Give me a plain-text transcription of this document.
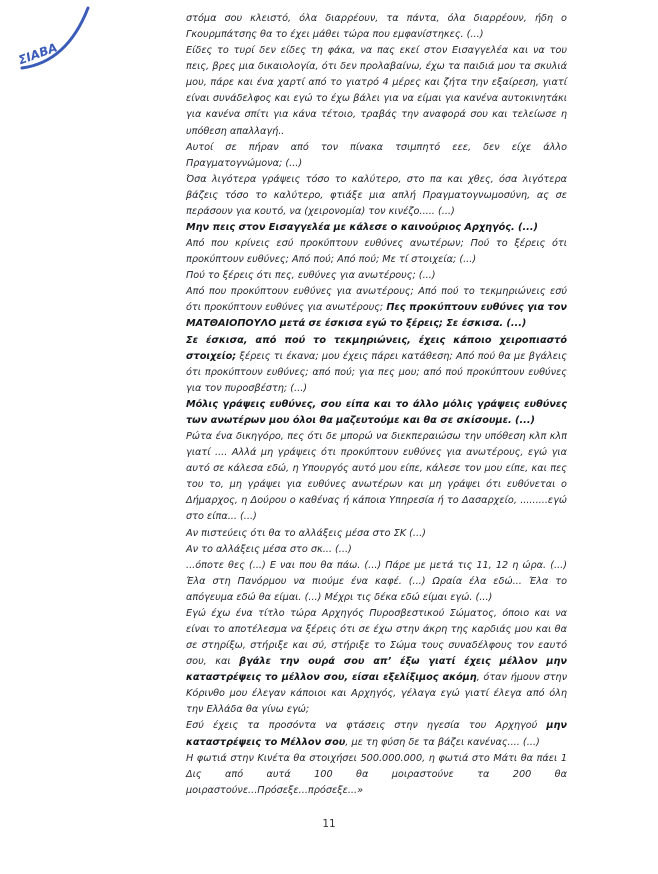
ΣΙΑΒΑ

στόμα σου κλειστό, όλα διαρρέουν, τα πάντα, όλα διαρρέουν, ήδη ο Γκουρμπάτσης θα το έχει μάθει τώρα που εμφανίστηκες. (...)

Είδες το τυρί δεν είδες τη φάκα, να πας εκεί στον Εισαγγελέα και να του πεις, βρες μια δικαιολογία, ότι δεν προλαβαίνω, έχω τα παιδιά μου τα σκυλιά μου, πάρε και ένα χαρτί από το γιατρό 4 μέρες και ζήτα την εξαίρεση, γιατί είναι συνάδελφος και εγώ το έχω βάλει για να είμαι για κανένα αυτοκινητάκι για κανένα σπίτι για κάνα τέτοιο, τραβάς την αναφορά σου και τελείωσε η υπόθεση απαλλαγή..

Αυτοί σε πήραν από τον πίνακα τσιμπητό εεε, δεν είχε άλλο Πραγματογνώμονα; (...)

Όσα λιγότερα γράψεις τόσο το καλύτερο, στο πα και χθες, όσα λιγότερα βάζεις τόσο το καλύτερο, φτιάξε μια απλή Πραγματογνωμοσύνη, ας σε περάσουν για κουτό, να (χειρονομία) τον κινέζο..... (...)

Μην πεις στον Εισαγγελέα με κάλεσε ο καινούριος Αρχηγός. (...)

Από που κρίνεις εσύ προκύπτουν ευθύνες ανωτέρων; Πού το ξέρεις ότι προκύπτουν ευθύνες; Από πού; Από πού; Με τί στοιχεία; (...)

Πού το ξέρεις ότι πες, ευθύνες για ανωτέρους; (...)

Από που προκύπτουν ευθύνες για ανωτέρους; Από πού το τεκμηριώνεις εσύ ότι προκύπτουν ευθύνες για ανωτέρους; Πες προκύπτουν ευθύνες για τον ΜΑΤΘΑΙΟΠΟΥΛΟ μετά σε έσκισα εγώ το ξέρεις; Σε έσκισα. (...)

Σε έσκισα, από πού το τεκμηριώνεις, έχεις κάποιο χειροπιαστό στοιχείο; ξέρεις τι έκανα; μου έχεις πάρει κατάθεση; Από πού θα με βγάλεις ότι προκύπτουν ευθύνες; από πού; για πες μου; από πού προκύπτουν ευθύνες για τον πυροσβέστη; (...)

Μόλις γράψεις ευθύνες, σου είπα και το άλλο μόλις γράψεις ευθύνες των ανωτέρων μου όλοι θα μαζευτούμε και θα σε σκίσουμε. (...)

Ρώτα ένα δικηγόρο, πες ότι δε μπορώ να διεκπεραιώσω την υπόθεση κλπ κλπ γιατί .... Αλλά μη γράψεις ότι προκύπτουν ευθύνες για ανωτέρους, εγώ για αυτό σε κάλεσα εδώ, η Υπουργός αυτό μου είπε, κάλεσε τον μου είπε, και πες του το, μη γράψει για ευθύνες ανωτέρων και μη γράψει ότι ευθύνεται ο Δήμαρχος, η Δούρου ο καθένας ή κάποια Υπηρεσία ή το Δασαρχείο, .........εγώ στο είπα... (...)

Αν πιστεύεις ότι θα το αλλάξεις μέσα στο ΣΚ (...)

Αν το αλλάξεις μέσα στο σκ... (...)

...όποτε θες (...) Ε ναι που θα πάω. (...) Πάρε με μετά τις 11, 12 η ώρα. (...) Έλα στη Πανόρμου να πιούμε ένα καφέ. (...) Ωραία έλα εδώ... Έλα το απόγευμα εδώ θα είμαι. (...) Μέχρι τις δέκα εδώ είμαι εγώ. (...)

Εγώ έχω ένα τίτλο τώρα Αρχηγός Πυροσβεστικού Σώματος, όποιο και να είναι το αποτέλεσμα να ξέρεις ότι σε έχω στην άκρη της καρδιάς μου και θα σε στηρίξω, στήριξε και σύ, στήριξε το Σώμα τους συναδέλφους τον εαυτό σου, και βγάλε την ουρά σου απ’ έξω γιατί έχεις μέλλον μην καταστρέψεις το μέλλον σου, είσαι εξελίξιμος ακόμη, όταν ήμουν στην Κόρινθο μου έλεγαν κάποιοι και Αρχηγός, γέλαγα εγώ γιατί έλεγα από όλη την Ελλάδα θα γίνω εγώ;

Εσύ έχεις τα προσόντα να φτάσεις στην ηγεσία του Αρχηγού μην καταστρέψεις το Μέλλον σου, με τη φύση δε τα βάζει κανένας.... (...)

Η φωτιά στην Κινέτα θα στοιχήσει 500.000.000, η φωτιά στο Μάτι θα πάει 1 Δις από αυτά 100 θα μοιραστούνε τα 200 θα μοιραστούνε...Πρόσεξε...πρόσεξε...»

11
